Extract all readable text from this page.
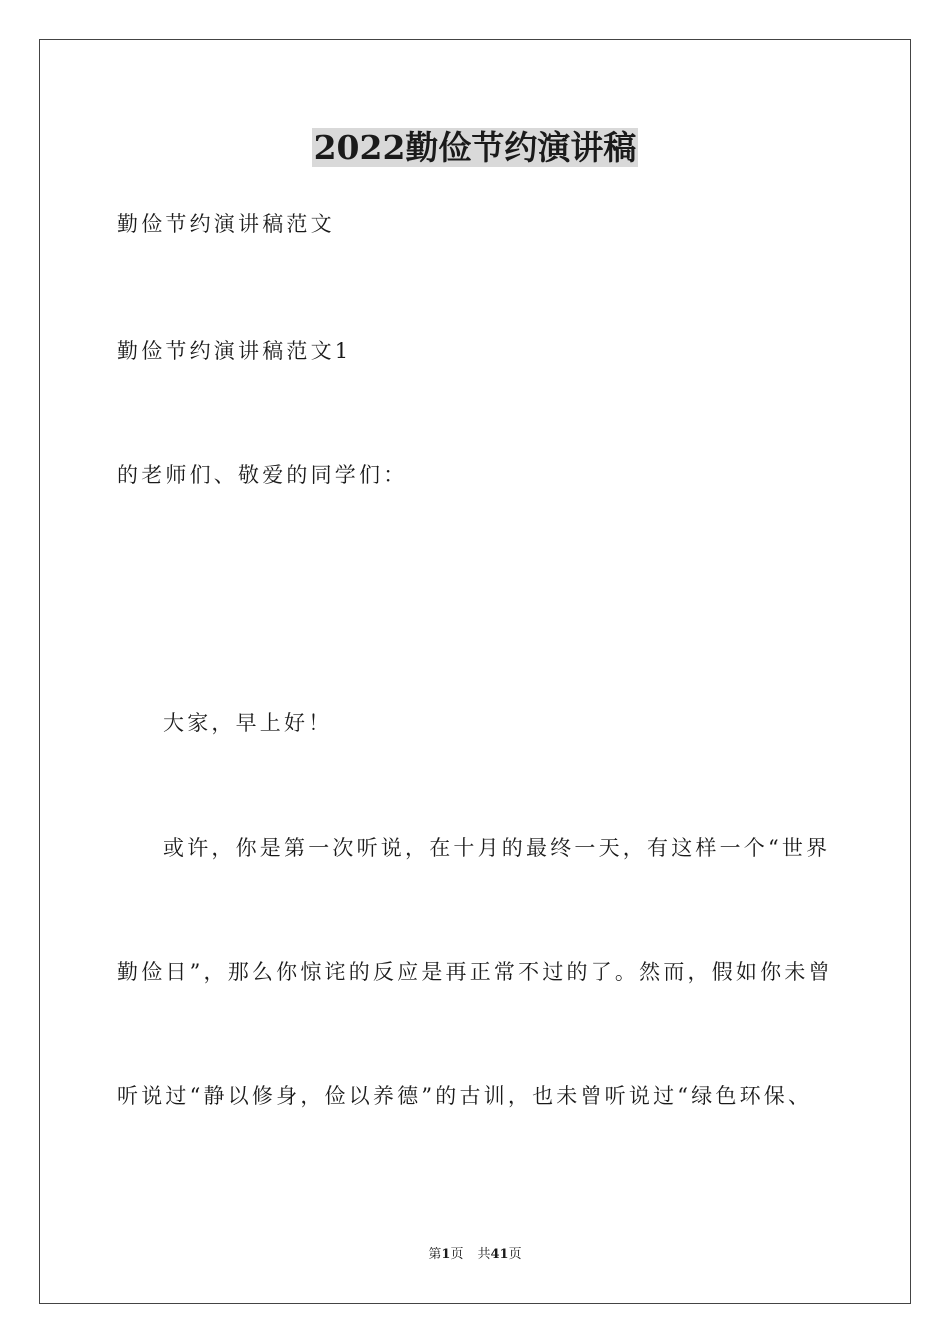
2022勤俭节约演讲稿

勤俭节约演讲稿范文

勤俭节约演讲稿范文1

的老师们、敬爱的同学们：

大家，早上好！

或许，你是第一次听说，在十月的最终一天，有这样一个“世界

勤俭日”，那么你惊诧的反应是再正常不过的了。然而，假如你未曾

听说过“静以修身，俭以养德”的古训，也未曾听说过“绿色环保、

第1页 共41页
